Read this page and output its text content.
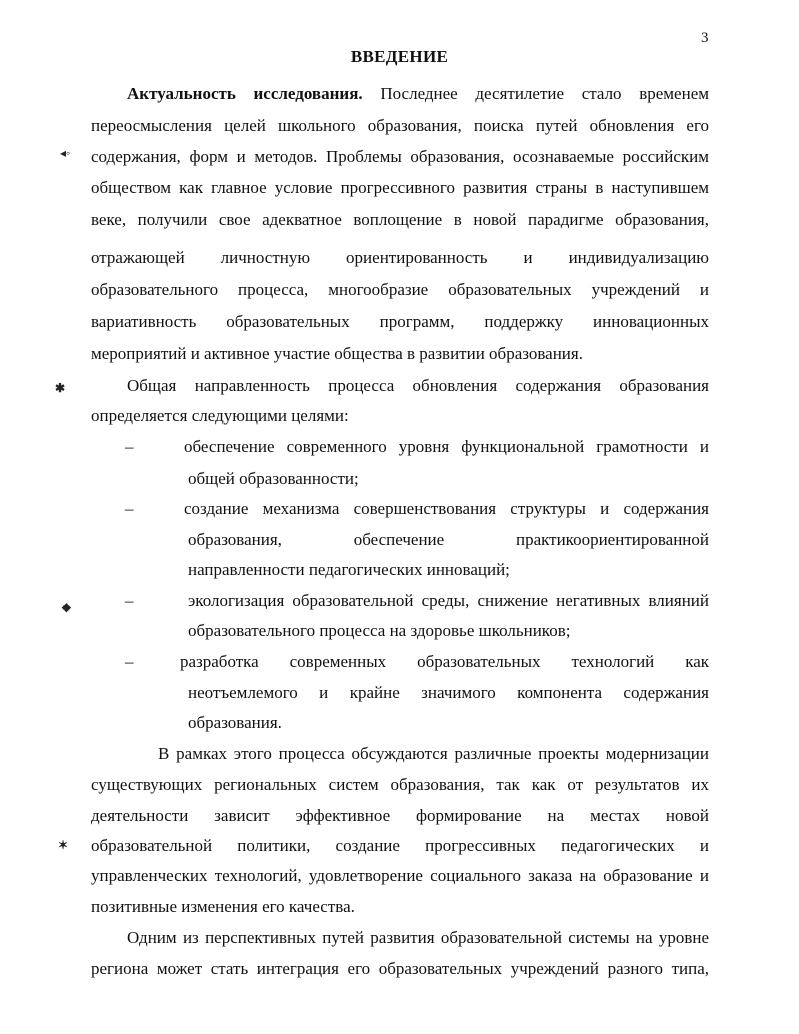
3
ВВЕДЕНИЕ
◂◦
✱
❖
✶
Актуальность исследования. Последнее десятилетие стало временем
переосмысления целей школьного образования, поиска путей обновления его
содержания, форм и методов. Проблемы образования, осознаваемые российским
обществом как главное условие прогрессивного развития страны в наступившем
веке, получили свое адекватное воплощение в новой парадигме образования,
отражающей личностную ориентированность и индивидуализацию
образовательного процесса, многообразие образовательных учреждений и
вариативность образовательных программ, поддержку инновационных
мероприятий и активное участие общества в развитии образования.
Общая направленность процесса обновления содержания образования
определяется следующими целями:
–	обеспечение современного уровня функциональной грамотности и
общей образованности;
–	создание механизма совершенствования структуры и содержания
образования, обеспечение практикоориентированной
направленности педагогических инноваций;
–	экологизация образовательной среды, снижение негативных влияний
образовательного процесса на здоровье школьников;
–	разработка современных образовательных технологий как
неотъемлемого и крайне значимого компонента содержания
образования.
В рамках этого процесса обсуждаются различные проекты модернизации
существующих региональных систем образования, так как от результатов их
деятельности зависит эффективное формирование на местах новой
образовательной политики, создание прогрессивных педагогических и
управленческих технологий, удовлетворение социального заказа на образование и
позитивные изменения его качества.
Одним из перспективных путей развития образовательной системы на уровне
региона может стать интеграция его образовательных учреждений разного типа,
